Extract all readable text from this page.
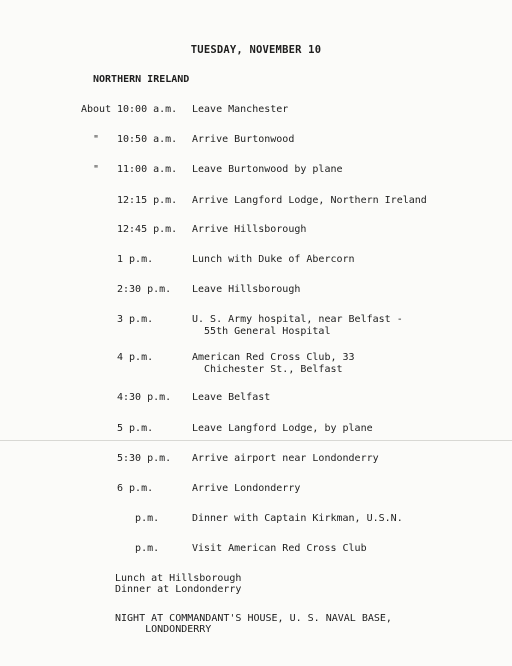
TUESDAY, NOVEMBER 10
NORTHERN IRELAND
About 10:00 a.m. Leave Manchester
" 10:50 a.m. Arrive Burtonwood
" 11:00 a.m. Leave Burtonwood by plane
12:15 p.m. Arrive Langford Lodge, Northern Ireland
12:45 p.m. Arrive Hillsborough
1 p.m.	Lunch with Duke of Abercorn
2:30 p.m. Leave Hillsborough
3 p.m.	U. S. Army hospital, near Belfast -
55th General Hospital
4 p.m.	American Red Cross Club, 33
Chichester St., Belfast
4:30 p.m. Leave Belfast
5 p.m.	Leave Langford Lodge, by plane
5:30 p.m. Arrive airport near Londonderry
6 p.m.	Arrive Londonderry
p.m.	Dinner with Captain Kirkman, U.S.N.
p.m.	Visit American Red Cross Club
Lunch at Hillsborough
Dinner at Londonderry
NIGHT AT COMMANDANT'S HOUSE, U. S. NAVAL BASE,
LONDONDERRY
